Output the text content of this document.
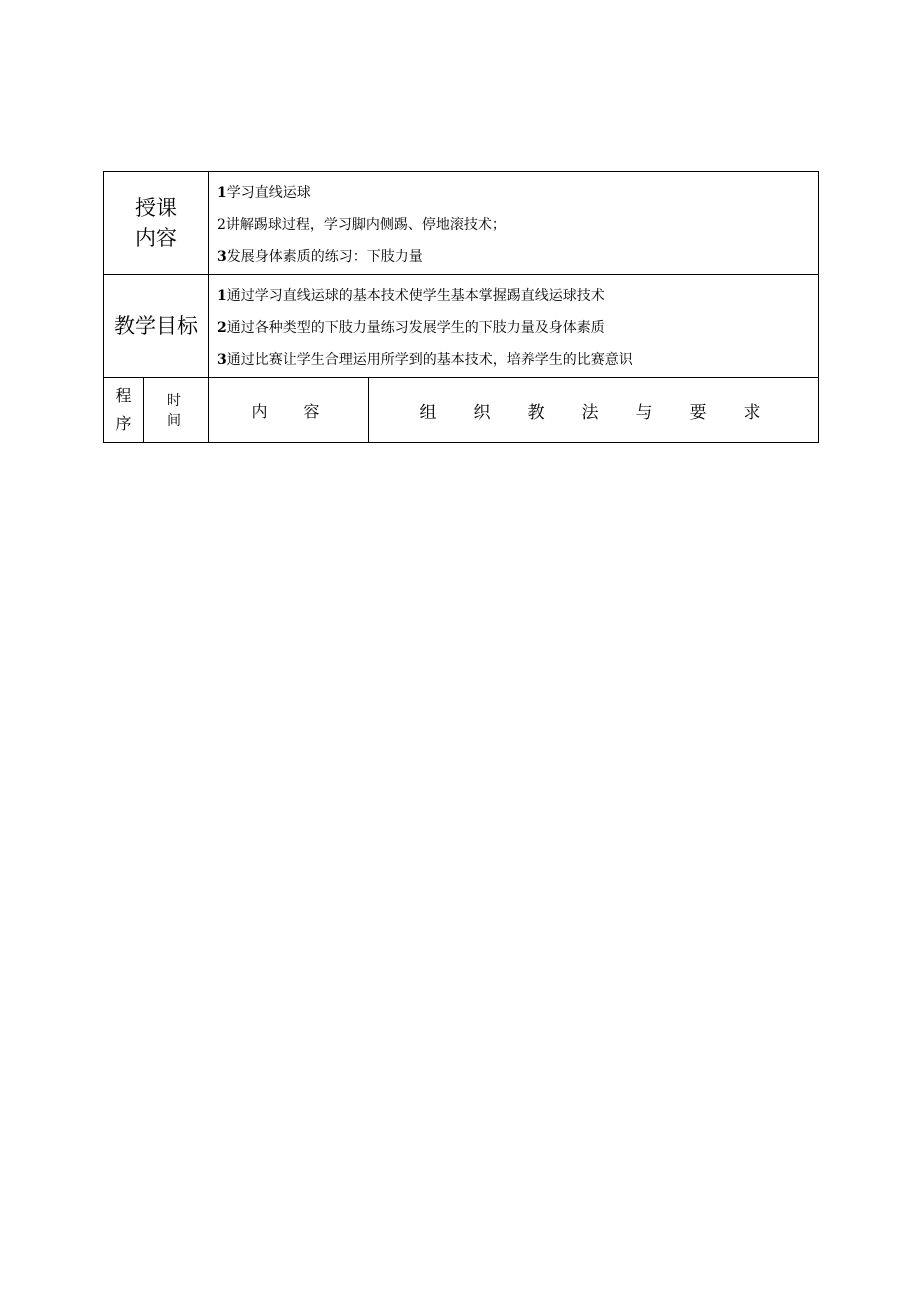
授课
内容		1学习直线运球
2讲解踢球过程，学习脚内侧踢、停地滚技术；
3发展身体素质的练习：下肢力量	

教学目标		1通过学习直线运球的基本技术使学生基本掌握踢直线运球技术
2通过各种类型的下肢力量练习发展学生的下肢力量及身体素质
3通过比赛让学生合理运用所学到的基本技术，培养学生的比赛意识	

程
序	时间	内容	组织教法与要求
